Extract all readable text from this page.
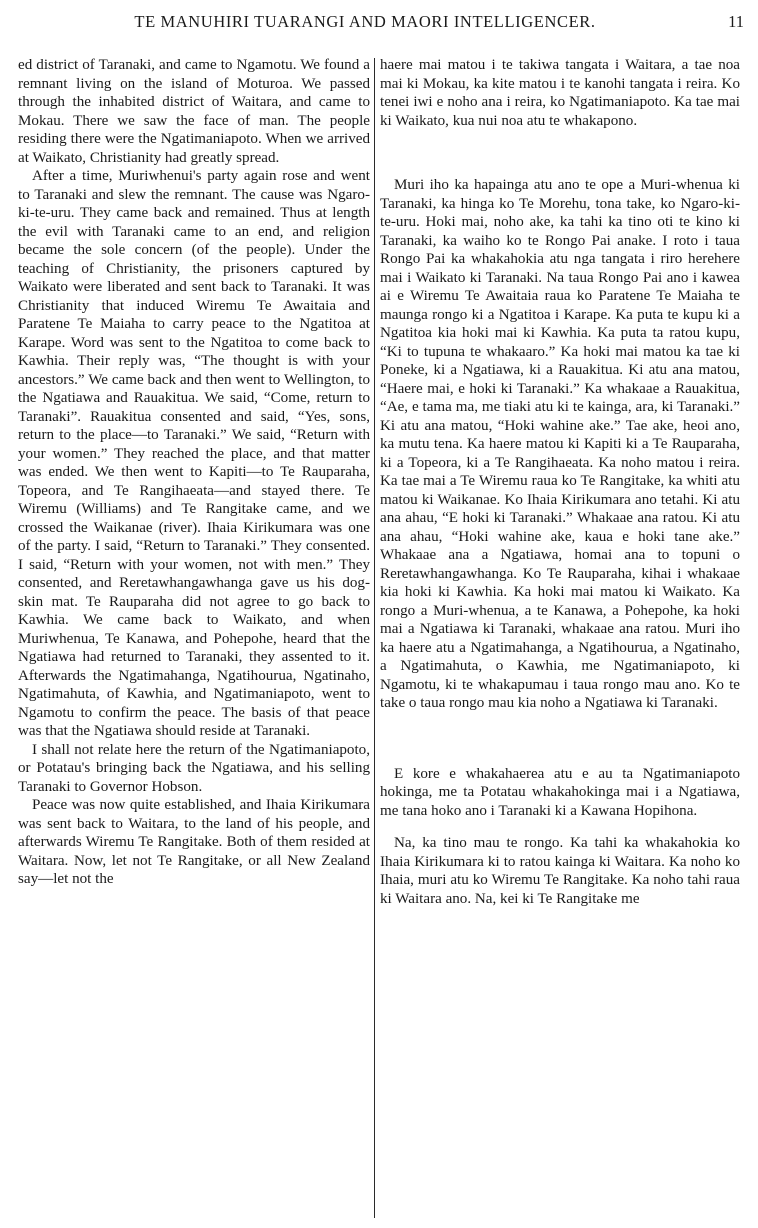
TE MANUHIRI TUARANGI AND MAORI INTELLIGENCER.	11

ed district of Taranaki, and came to Ngamotu. We found a remnant living on the island of Moturoa. We passed through the inhabited district of Waitara, and came to Mokau. There we saw the face of man. The people residing there were the Ngatimaniapoto. When we arrived at Waikato, Christianity had greatly spread.

After a time, Muriwhenui's party again rose and went to Taranaki and slew the remnant. The cause was Ngaro-ki-te-uru. They came back and remained. Thus at length the evil with Taranaki came to an end, and religion became the sole concern (of the people). Under the teaching of Christianity, the prisoners captured by Waikato were liberated and sent back to Taranaki. It was Christianity that induced Wiremu Te Awaitaia and Paratene Te Maiaha to carry peace to the Ngatitoa at Karape. Word was sent to the Ngatitoa to come back to Kawhia. Their reply was, “The thought is with your ancestors.” We came back and then went to Wellington, to the Ngatiawa and Rauakitua. We said, “Come, return to Taranaki”. Rauakitua consented and said, “Yes, sons, return to the place—to Taranaki.” We said, “Return with your women.” They reached the place, and that matter was ended. We then went to Kapiti—to Te Rauparaha, Topeora, and Te Rangihaeata—and stayed there. Te Wiremu (Williams) and Te Rangitake came, and we crossed the Waikanae (river). Ihaia Kirikumara was one of the party. I said, “Return to Taranaki.” They consented. I said, “Return with your women, not with men.” They consented, and Reretawhangawhanga gave us his dog-skin mat. Te Rauparaha did not agree to go back to Kawhia. We came back to Waikato, and when Muriwhenua, Te Kanawa, and Pohepohe, heard that the Ngatiawa had returned to Taranaki, they assented to it. Afterwards the Ngatimahanga, Ngatihourua, Ngatinaho, Ngatimahuta, of Kawhia, and Ngatimaniapoto, went to Ngamotu to confirm the peace. The basis of that peace was that the Ngatiawa should reside at Taranaki.

I shall not relate here the return of the Ngatimaniapoto, or Potatau's bringing back the Ngatiawa, and his selling Taranaki to Governor Hobson.

Peace was now quite established, and Ihaia Kirikumara was sent back to Waitara, to the land of his people, and afterwards Wiremu Te Rangitake. Both of them resided at Waitara. Now, let not Te Rangitake, or all New Zealand say—let not the

haere mai matou i te takiwa tangata i Waitara, a tae noa mai ki Mokau, ka kite matou i te kanohi tangata i reira. Ko tenei iwi e noho ana i reira, ko Ngatimaniapoto. Ka tae mai ki Waikato, kua nui noa atu te whakapono.

Muri iho ka hapainga atu ano te ope a Muri-whenua ki Taranaki, ka hinga ko Te Morehu, tona take, ko Ngaro-ki-te-uru. Hoki mai, noho ake, ka tahi ka tino oti te kino ki Taranaki, ka waiho ko te Rongo Pai anake. I roto i taua Rongo Pai ka whakahokia atu nga tangata i riro herehere mai i Waikato ki Taranaki. Na taua Rongo Pai ano i kawea ai e Wiremu Te Awaitaia raua ko Paratene Te Maiaha te maunga rongo ki a Ngatitoa i Karape. Ka puta te kupu ki a Ngatitoa kia hoki mai ki Kawhia. Ka puta ta ratou kupu, “Ki to tupuna te whakaaro.” Ka hoki mai matou ka tae ki Poneke, ki a Ngatiawa, ki a Rauakitua. Ki atu ana matou, “Haere mai, e hoki ki Taranaki.” Ka whakaae a Rauakitua, “Ae, e tama ma, me tiaki atu ki te kainga, ara, ki Taranaki.” Ki atu ana matou, “Hoki wahine ake.” Tae ake, heoi ano, ka mutu tena. Ka haere matou ki Kapiti ki a Te Rauparaha, ki a Topeora, ki a Te Rangihaeata. Ka noho matou i reira. Ka tae mai a Te Wiremu raua ko Te Rangitake, ka whiti atu matou ki Waikanae. Ko Ihaia Kirikumara ano tetahi. Ki atu ana ahau, “E hoki ki Taranaki.” Whakaae ana ratou. Ki atu ana ahau, “Hoki wahine ake, kaua e hoki tane ake.” Whakaae ana a Ngatiawa, homai ana to topuni o Reretawhangawhanga. Ko Te Rauparaha, kihai i whakaae kia hoki ki Kawhia. Ka hoki mai matou ki Waikato. Ka rongo a Muri-whenua, a te Kanawa, a Pohepohe, ka hoki mai a Ngatiawa ki Taranaki, whakaae ana ratou. Muri iho ka haere atu a Ngatimahanga, a Ngatihourua, a Ngatinaho, a Ngatimahuta, o Kawhia, me Ngatimaniapoto, ki Ngamotu, ki te whakapumau i taua rongo mau ano. Ko te take o taua rongo mau kia noho a Ngatiawa ki Taranaki.

E kore e whakahaerea atu e au ta Ngatimaniapoto hokinga, me ta Potatau whakahokinga mai i a Ngatiawa, me tana hoko ano i Taranaki ki a Kawana Hopihona.

Na, ka tino mau te rongo. Ka tahi ka whakahokia ko Ihaia Kirikumara ki to ratou kainga ki Waitara. Ka noho ko Ihaia, muri atu ko Wiremu Te Rangitake. Ka noho tahi raua ki Waitara ano. Na, kei ki Te Rangitake me
